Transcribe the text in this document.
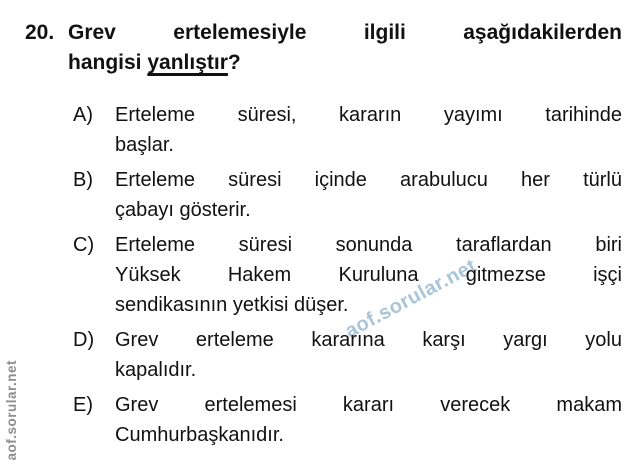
aof.sorular.net
aof.sorular.net
20. Grev ertelemesiyle ilgili aşağıdakilerden
hangisi yanlıştır?
A)	Erteleme süresi, kararın yayımı tarihinde
başlar.
B)	Erteleme süresi içinde arabulucu her türlü
çabayı gösterir.
C)	Erteleme süresi sonunda taraflardan biri
Yüksek Hakem Kuruluna gitmezse işçi
sendikasının yetkisi düşer.
D)	Grev erteleme kararına karşı yargı yolu
kapalıdır.
E)	Grev ertelemesi kararı verecek makam
Cumhurbaşkanıdır.
